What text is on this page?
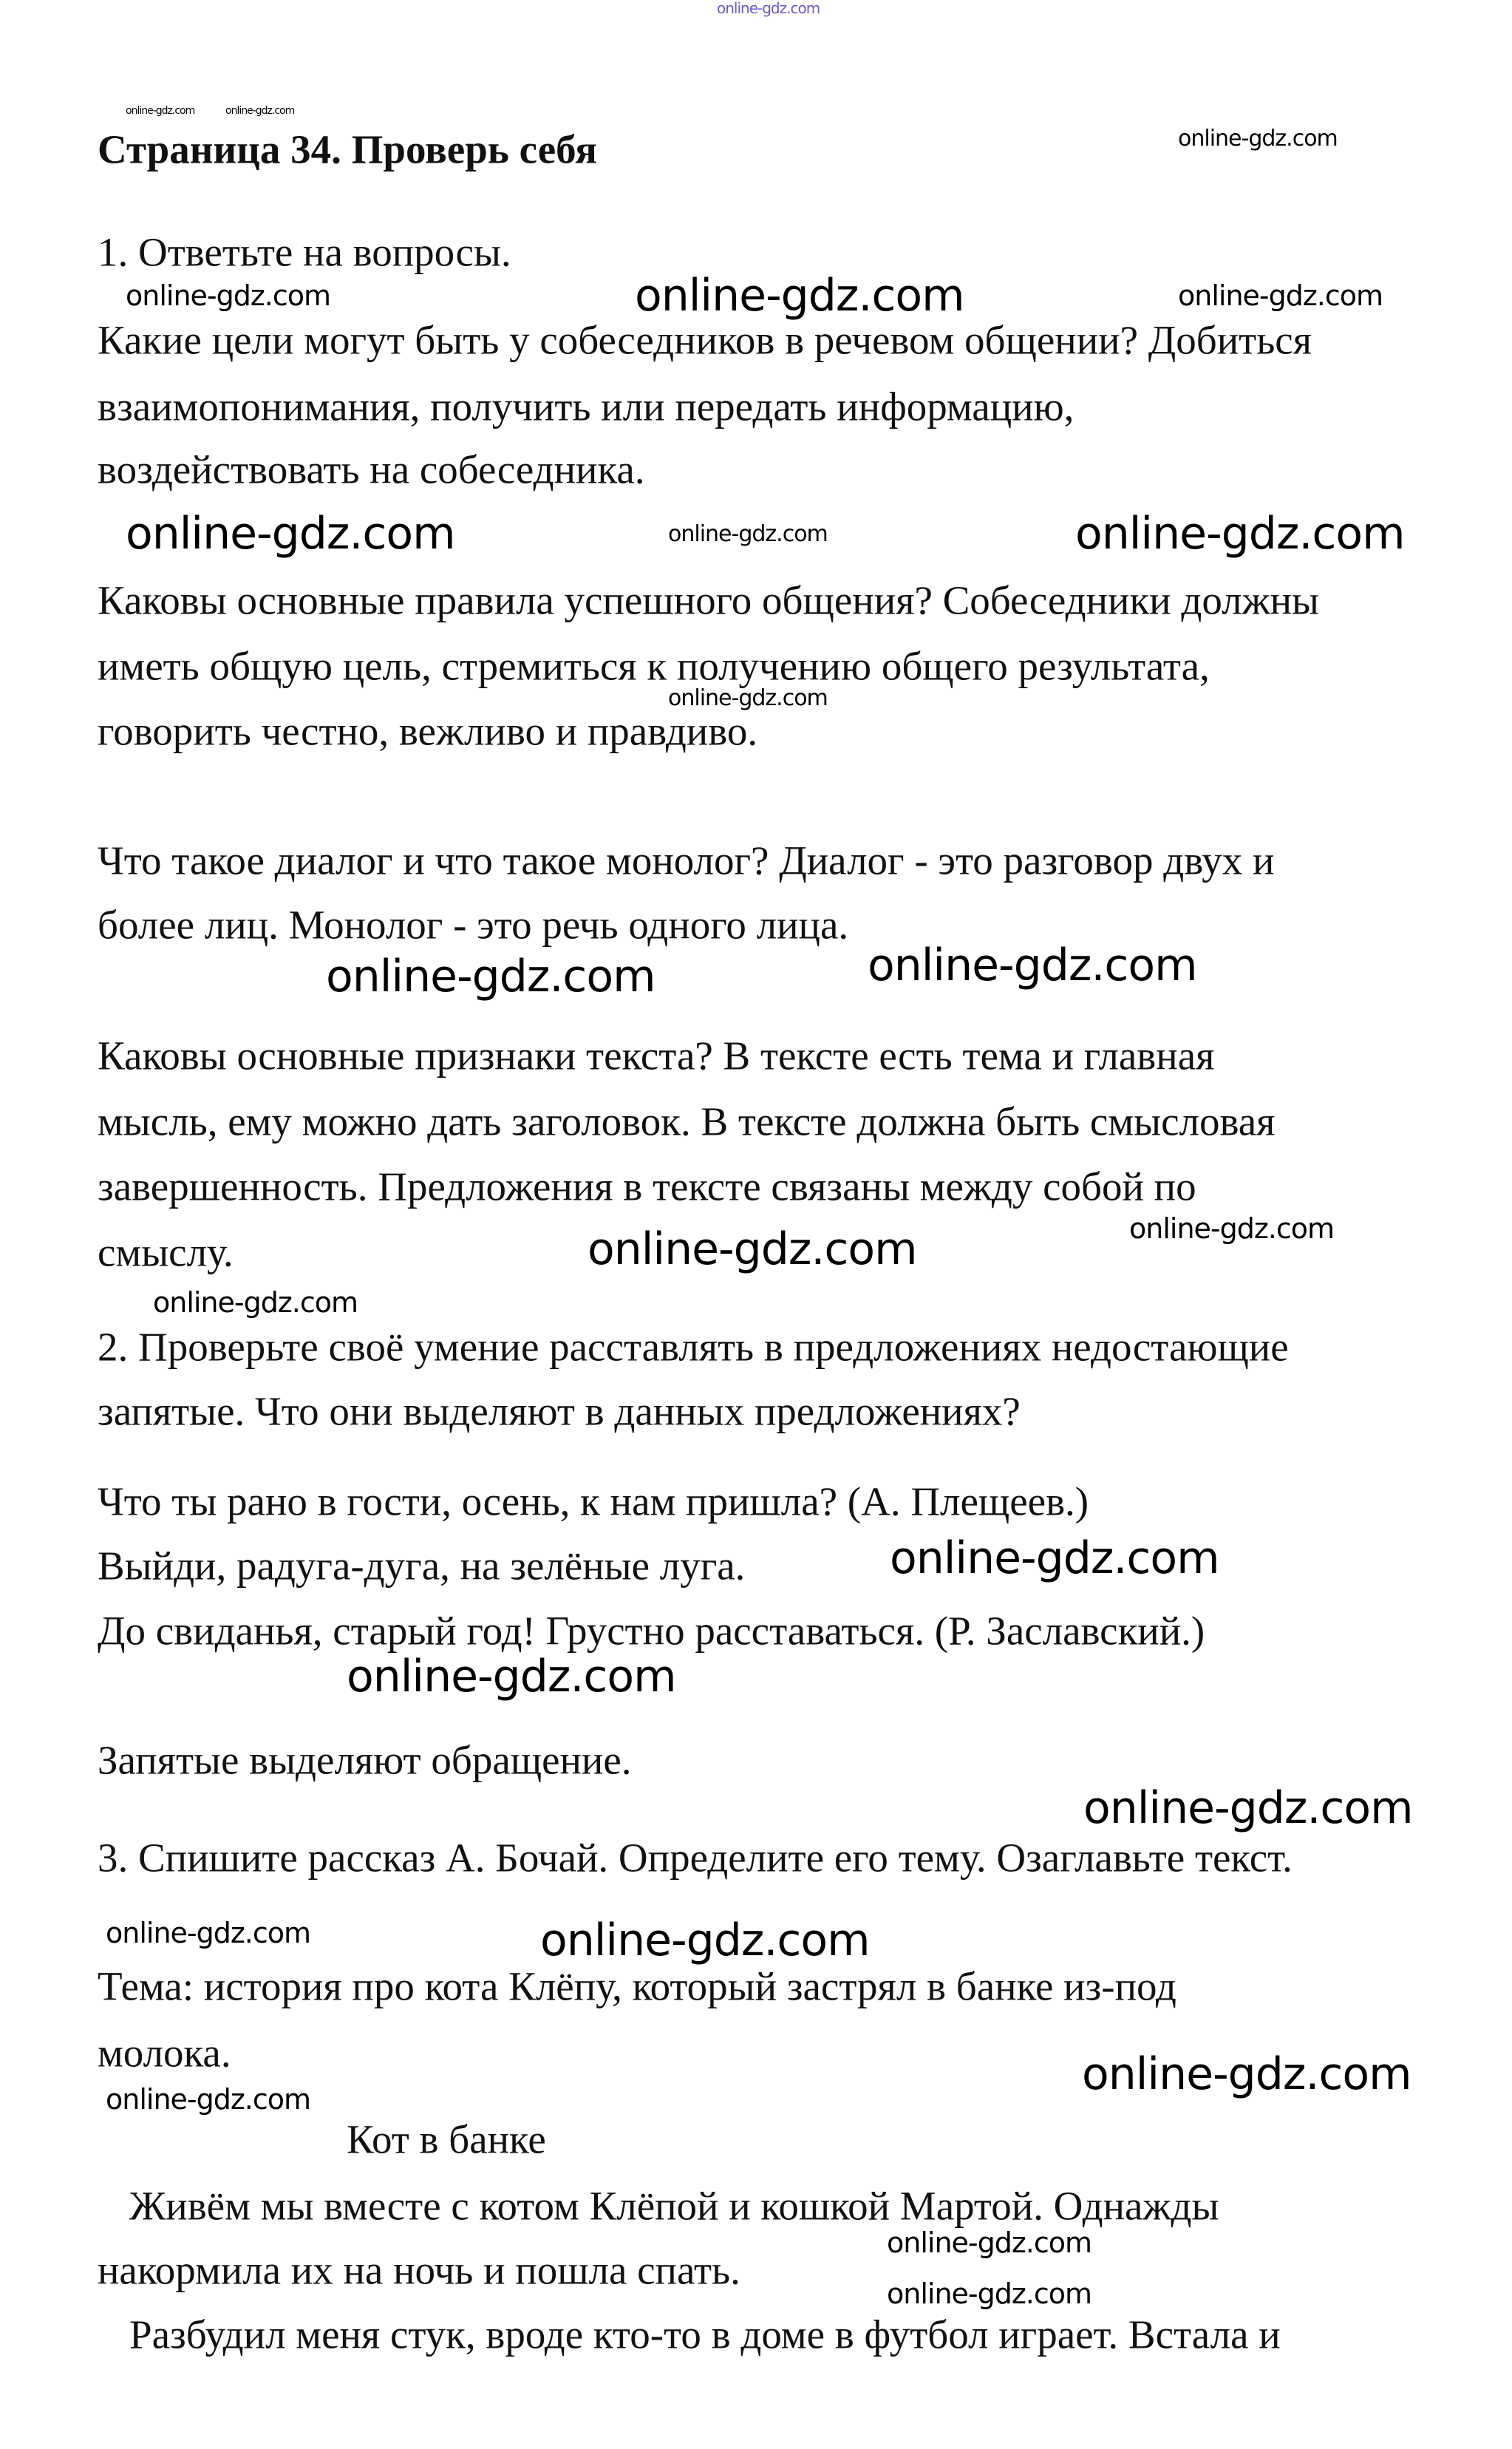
Страница 34. Проверь себя
1. Ответьте на вопросы.
Какие цели могут быть у собеседников в речевом общении? Добиться
взаимопонимания, получить или передать информацию,
воздействовать на собеседника.
Каковы основные правила успешного общения? Собеседники должны
иметь общую цель, стремиться к получению общего результата,
говорить честно, вежливо и правдиво.
Что такое диалог и что такое монолог? Диалог - это разговор двух и
более лиц. Монолог - это речь одного лица.
Каковы основные признаки текста? В тексте есть тема и главная
мысль, ему можно дать заголовок. В тексте должна быть смысловая
завершенность. Предложения в тексте связаны между собой по
смыслу.
2. Проверьте своё умение расставлять в предложениях недостающие
запятые. Что они выделяют в данных предложениях?
Что ты рано в гости, осень, к нам пришла? (А. Плещеев.)
Выйди, радуга-дуга, на зелёные луга.
До свиданья, старый год! Грустно расставаться. (Р. Заславский.)
Запятые выделяют обращение.
3. Спишите рассказ А. Бочай. Определите его тему. Озаглавьте текст.
Тема: история про кота Клёпу, который застрял в банке из-под
молока.
Кот в банке
Живём мы вместе с котом Клёпой и кошкой Мартой. Однажды
накормила их на ночь и пошла спать.
Разбудил меня стук, вроде кто-то в доме в футбол играет. Встала и
online-gdz.com
online-gdz.com	online-gdz.com
online-gdz.com
online-gdz.com	online-gdz.com	online-gdz.com
online-gdz.com	online-gdz.com	online-gdz.com
online-gdz.com
online-gdz.com	online-gdz.com
online-gdz.com
online-gdz.com
online-gdz.com
online-gdz.com
online-gdz.com
online-gdz.com
online-gdz.com	online-gdz.com
online-gdz.com
online-gdz.com
online-gdz.com
online-gdz.com
